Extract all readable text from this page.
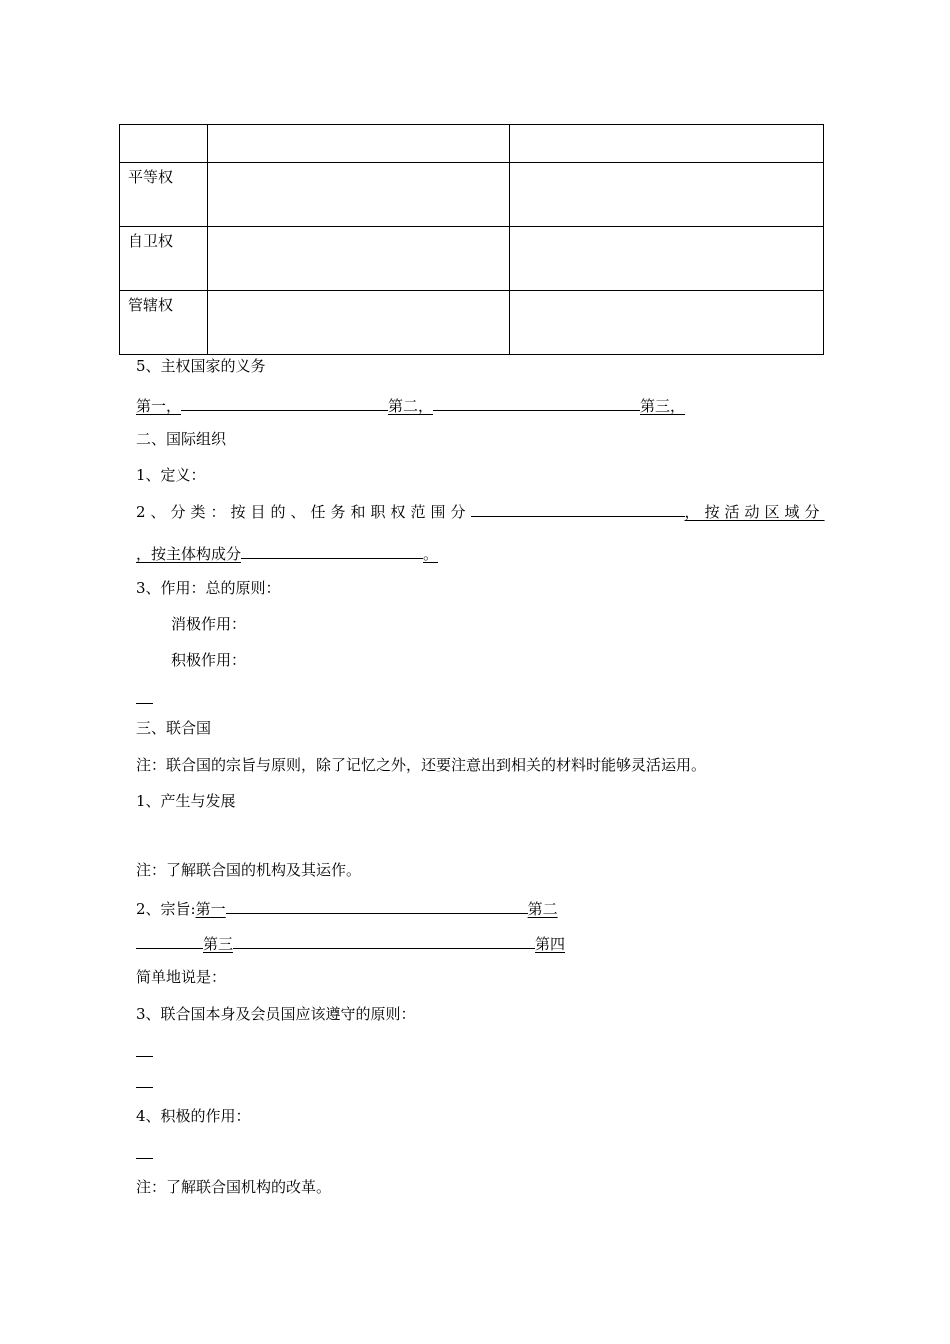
平等权		
自卫权		
管辖权		
5、主权国家的义务
第一，	第二，	第三，
二、国际组织
1、定义：
2、分类：按目的、任务和职权范围分	，按活动区域分
，按主体构成分	。
3、作用：总的原则：
消极作用：
积极作用：
三、联合国
注：联合国的宗旨与原则，除了记忆之外，还要注意出到相关的材料时能够灵活运用。
1、产生与发展
注：了解联合国的机构及其运作。
2、宗旨:第一	第二
第三	第四
简单地说是：
3、联合国本身及会员国应该遵守的原则：
4、积极的作用：
注：了解联合国机构的改革。
